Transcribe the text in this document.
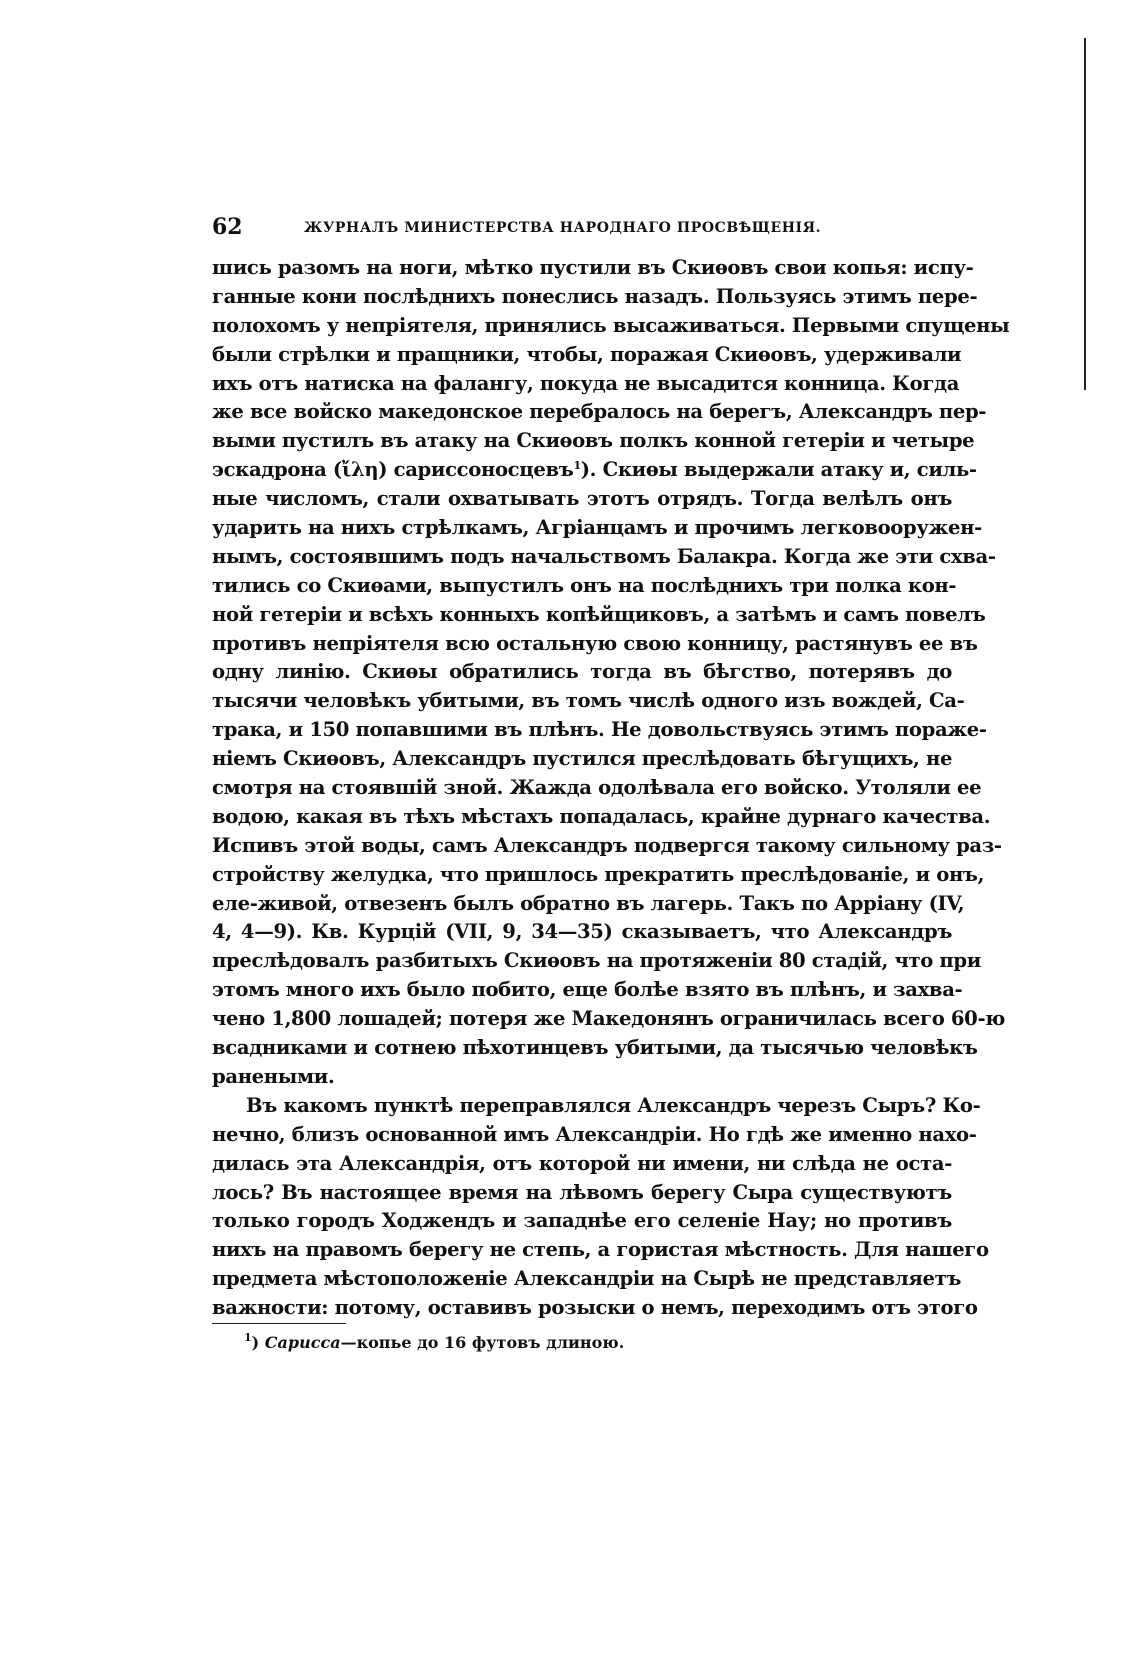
62	ЖУРНАЛЪ МИНИСТЕРСТВА НАРОДНАГО ПРОСВѢЩЕНІЯ.
шись разомъ на ноги, мѣтко пустили въ Скиѳовъ свои копья: испу-
ганные кони послѣднихъ понеслись назадъ. Пользуясь этимъ пере-
полохомъ у непріятеля, принялись высаживаться. Первыми спущены
были стрѣлки и пращники, чтобы, поражая Скиѳовъ, удерживали
ихъ отъ натиска на фалангу, покуда не высадится конница. Когда
же все войско македонское перебралось на берегъ, Александръ пер-
выми пустилъ въ атаку на Скиѳовъ полкъ конной гетеріи и четыре
эскадрона (ἴλη) сариссоносцевъ$^1$). Скиѳы выдержали атаку и, силь-
ные числомъ, стали охватывать этотъ отрядъ. Тогда велѣлъ онъ
ударить на нихъ стрѣлкамъ, Агріанцамъ и прочимъ легковооружен-
нымъ, состоявшимъ подъ начальствомъ Балакра. Когда же эти схва-
тились со Скиѳами, выпустилъ онъ на послѣднихъ три полка кон-
ной гетеріи и всѣхъ конныхъ копѣйщиковъ, а затѣмъ и самъ повелъ
противъ непріятеля всю остальную свою конницу, растянувъ ее въ
одну линію. Скиѳы обратились тогда въ бѣгство, потерявъ до
тысячи человѣкъ убитыми, въ томъ числѣ одного изъ вождей, Са-
трака, и 150 попавшими въ плѣнъ. Не довольствуясь этимъ пораже-
ніемъ Скиѳовъ, Александръ пустился преслѣдовать бѣгущихъ, не
смотря на стоявшій зной. Жажда одолѣвала его войско. Утоляли ее
водою, какая въ тѣхъ мѣстахъ попадалась, крайне дурнаго качества.
Испивъ этой воды, самъ Александръ подвергся такому сильному раз-
стройству желудка, что пришлось прекратить преслѣдованіе, и онъ,
еле-живой, отвезенъ былъ обратно въ лагерь. Такъ по Арріану (IV,
4, 4—9). Кв. Курцій (VII, 9, 34—35) сказываетъ, что Александръ
преслѣдовалъ разбитыхъ Скиѳовъ на протяженіи 80 стадій, что при
этомъ много ихъ было побито, еще болѣе взято въ плѣнъ, и захва-
чено 1,800 лошадей; потеря же Македонянъ ограничилась всего 60-ю
всадниками и сотнею пѣхотинцевъ убитыми, да тысячью человѣкъ
ранеными.
Въ какомъ пунктѣ переправлялся Александръ черезъ Сыръ? Ко-
нечно, близъ основанной имъ Александріи. Но гдѣ же именно нахо-
дилась эта Александрія, отъ которой ни имени, ни слѣда не оста-
лось? Въ настоящее время на лѣвомъ берегу Сыра существуютъ
только городъ Ходжендъ и западнѣе его селеніе Нау; но противъ
нихъ на правомъ берегу не степь, а гористая мѣстность. Для нашего
предмета мѣстоположеніе Александріи на Сырѣ не представляетъ
важности: потому, оставивъ розыски о немъ, переходимъ отъ этого
$^1$) Сарисса—копье до 16 футовъ длиною.
